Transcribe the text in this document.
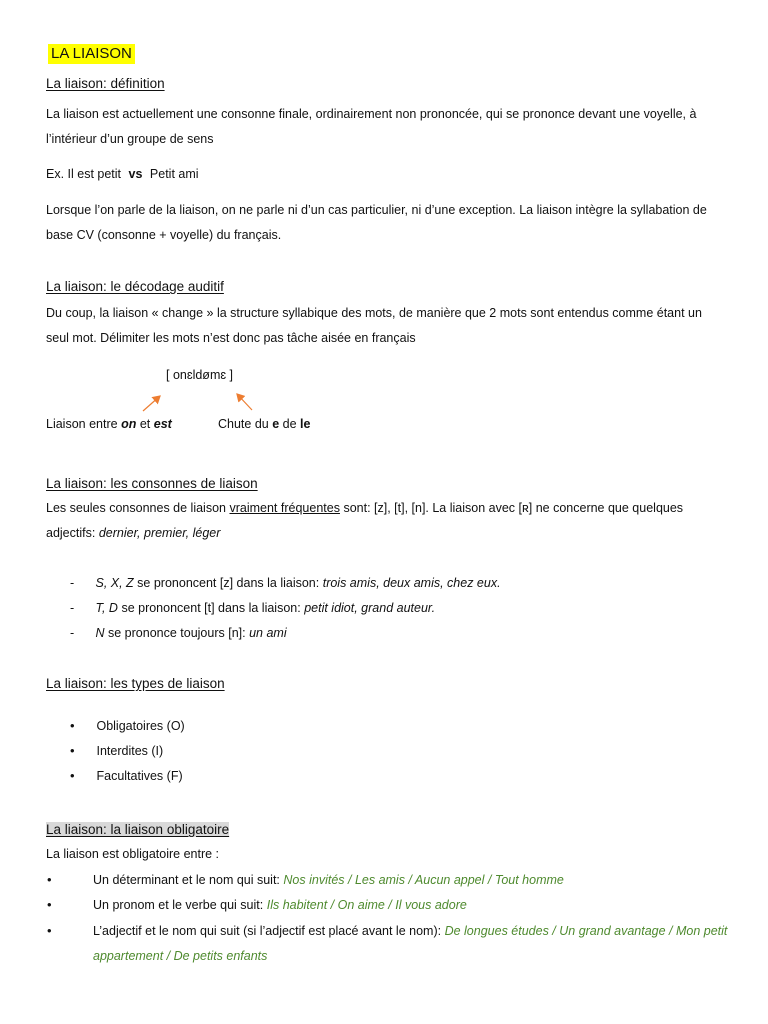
LA LIAISON
La liaison: définition
La liaison est actuellement une consonne finale, ordinairement non prononcée, qui se prononce devant une voyelle, à l’intérieur d’un groupe de sens
Ex. Il est petit vs Petit ami
Lorsque l’on parle de la liaison, on ne parle ni d’un cas particulier, ni d’une exception. La liaison intègre la syllabation de base CV (consonne + voyelle) du français.
La liaison: le décodage auditif
Du coup, la liaison « change » la structure syllabique des mots, de manière que 2 mots sont entendus comme étant un seul mot. Délimiter les mots n’est donc pas tâche aisée en français
[ onɛldømɛ ]
Liaison entre on et est	Chute du e de le
La liaison: les consonnes de liaison
Les seules consonnes de liaison vraiment fréquentes sont: [z], [t], [n]. La liaison avec [ʀ] ne concerne que quelques adjectifs: dernier, premier, léger
- S, X, Z se prononcent [z] dans la liaison: trois amis, deux amis, chez eux.
- T, D se prononcent [t] dans la liaison: petit idiot, grand auteur.
- N se prononce toujours [n]: un ami
La liaison: les types de liaison
• Obligatoires (O)
• Interdites (I)
• Facultatives (F)
La liaison: la liaison obligatoire
La liaison est obligatoire entre :
•	Un déterminant et le nom qui suit: Nos invités / Les amis / Aucun appel / Tout homme
•	Un pronom et le verbe qui suit: Ils habitent / On aime / Il vous adore
•	L’adjectif et le nom qui suit (si l’adjectif est placé avant le nom): De longues études / Un grand avantage / Mon petit appartement / De petits enfants
